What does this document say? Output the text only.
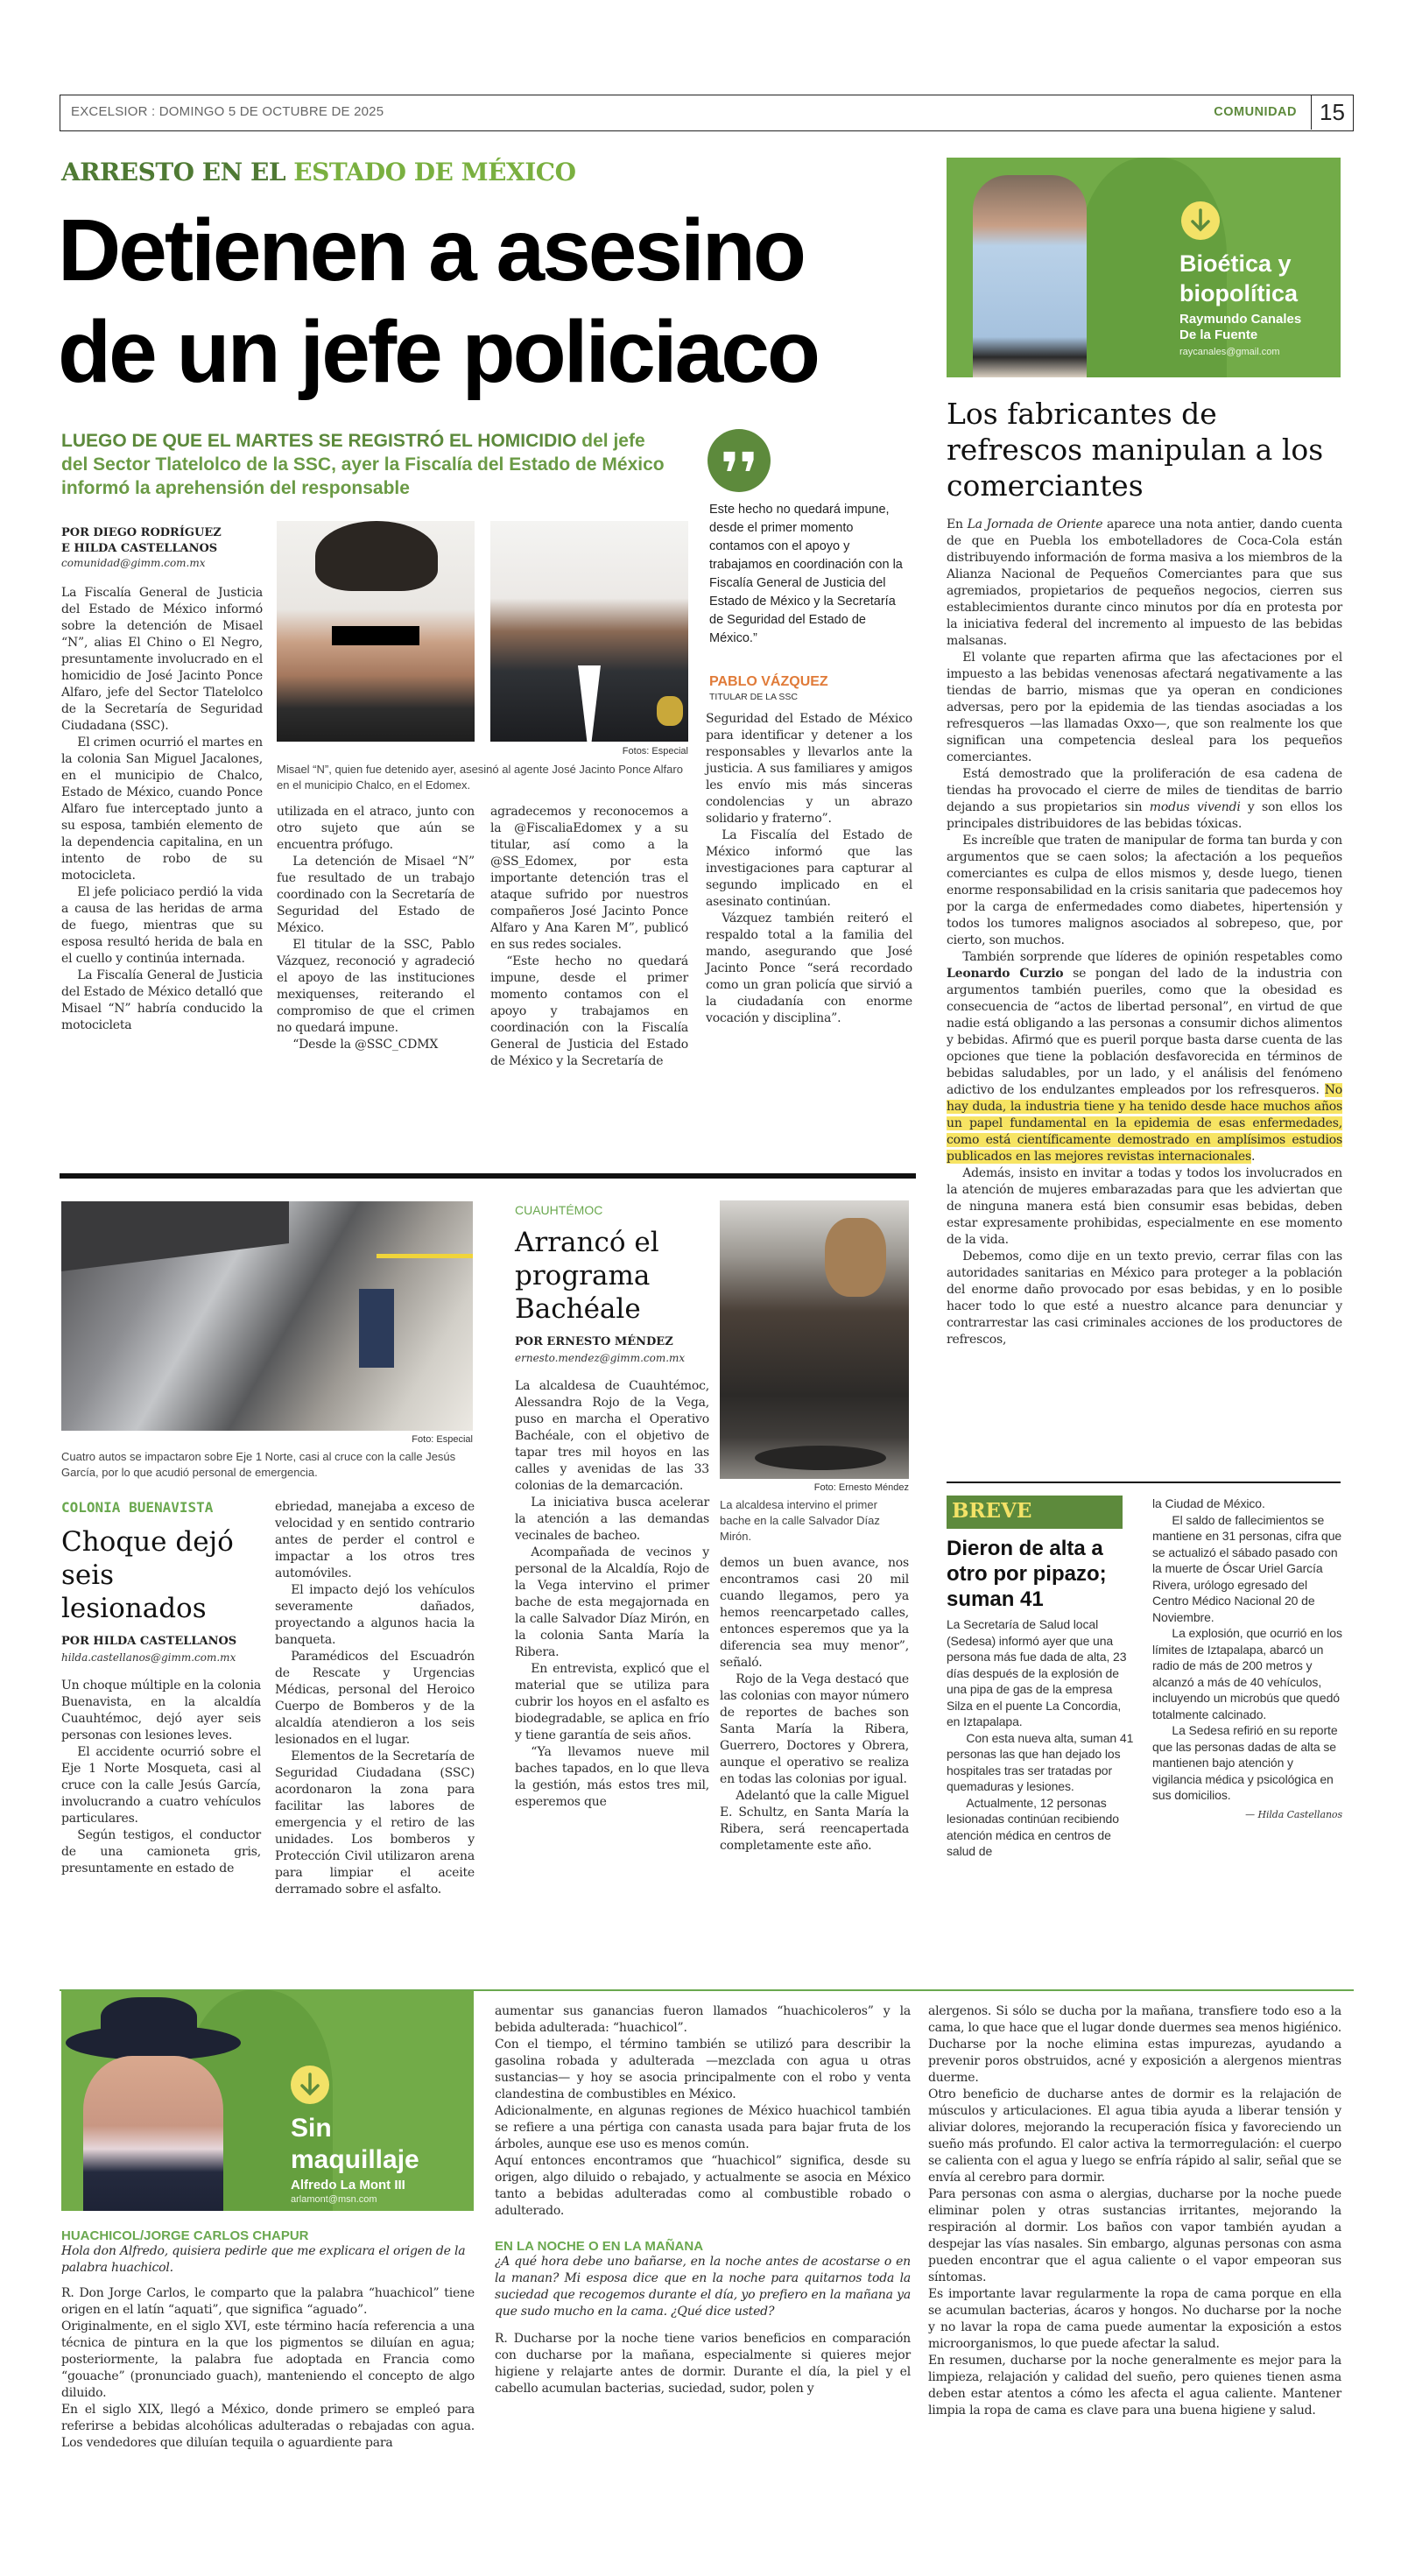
EXCELSIOR : DOMINGO 5 DE OCTUBRE DE 2025	COMUNIDAD	15
ARRESTO EN EL ESTADO DE MÉXICO
Detienen a asesino
de un jefe policiaco
LUEGO DE QUE EL MARTES SE REGISTRÓ EL HOMICIDIO del jefe del Sector Tlatelolco de la SSC, ayer la Fiscalía del Estado de México informó la aprehensión del responsable
POR DIEGO RODRÍGUEZ
E HILDA CASTELLANOS
comunidad@gimm.com.mx

La Fiscalía General de Justicia del Estado de México informó sobre la detención de Misael “N”, alias El Chino o El Negro, presuntamente involucrado en el homicidio de José Jacinto Ponce Alfaro, jefe del Sector Tlatelolco de la Secretaría de Seguridad Ciudadana (SSC).

El crimen ocurrió el martes en la colonia San Miguel Jacalones, en el municipio de Chalco, Estado de México, cuando Ponce Alfaro fue interceptado junto a su esposa, también elemento de la dependencia capitalina, en un intento de robo de su motocicleta.

El jefe policiaco perdió la vida a causa de las heridas de arma de fuego, mientras que su esposa resultó herida de bala en el cuello y continúa internada.

La Fiscalía General de Justicia del Estado de México detalló que Misael “N” habría conducido la motocicleta

Fotos: Especial
Misael “N”, quien fue detenido ayer, asesinó al agente José Jacinto Ponce Alfaro en el municipio Chalco, en el Edomex.

utilizada en el atraco, junto con otro sujeto que aún se encuentra prófugo.

La detención de Misael “N” fue resultado de un trabajo coordinado con la Secretaría de Seguridad del Estado de México.

El titular de la SSC, Pablo Vázquez, reconoció y agradeció el apoyo de las instituciones mexiquenses, reiterando el compromiso de que el crimen no quedará impune.

“Desde la @SSC_CDMX

agradecemos y reconocemos a la @FiscaliaEdomex y a su titular, así como a la @SS_Edomex, por esta importante detención tras el ataque sufrido por nuestros compañeros José Jacinto Ponce Alfaro y Ana Karen M”, publicó en sus redes sociales.

“Este hecho no quedará impune, desde el primer momento contamos con el apoyo y trabajamos en coordinación con la Fiscalía General de Justicia del Estado de México y la Secretaría de

Este hecho no quedará impune, desde el primer momento contamos con el apoyo y trabajamos en coordinación con la Fiscalía General de Justicia del Estado de México y la Secretaría de Seguridad del Estado de México.”
PABLO VÁZQUEZ
TITULAR DE LA SSC

Seguridad del Estado de México para identificar y detener a los responsables y llevarlos ante la justicia. A sus familiares y amigos les envío mis más sinceras condolencias y un abrazo solidario y fraterno”.

La Fiscalía del Estado de México informó que las investigaciones para capturar al segundo implicado en el asesinato continúan.

Vázquez también reiteró el respaldo total a la familia del mando, asegurando que José Jacinto Ponce “será recordado como un gran policía que sirvió a la ciudadanía con enorme vocación y disciplina”.

Bioética y
biopolítica
Raymundo Canales
De la Fuente
raycanales@gmail.com
Los fabricantes de refrescos manipulan a los comerciantes

En La Jornada de Oriente aparece una nota antier, dando cuenta de que en Puebla los embotelladores de Coca-Cola están distribuyendo información de forma masiva a los miembros de la Alianza Nacional de Pequeños Comerciantes para que sus agremiados, propietarios de pequeños negocios, cierren sus establecimientos durante cinco minutos por día en protesta por la iniciativa federal del incremento al impuesto de las bebidas malsanas.

El volante que reparten afirma que las afectaciones por el impuesto a las bebidas venenosas afectará negativamente a las tiendas de barrio, mismas que ya operan en condiciones adversas, pero por la epidemia de las tiendas asociadas a los refresqueros —las llamadas Oxxo—, que son realmente los que significan una competencia desleal para los pequeños comerciantes.

Está demostrado que la proliferación de esa cadena de tiendas ha provocado el cierre de miles de tienditas de barrio dejando a sus propietarios sin modus vivendi y son ellos los principales distribuidores de las bebidas tóxicas.

Es increíble que traten de manipular de forma tan burda y con argumentos que se caen solos; la afectación a los pequeños comerciantes es culpa de ellos mismos y, desde luego, tienen enorme responsabilidad en la crisis sanitaria que padecemos hoy por la carga de enfermedades como diabetes, hipertensión y todos los tumores malignos asociados al sobrepeso, que, por cierto, son muchos.

También sorprende que líderes de opinión respetables como Leonardo Curzio se pongan del lado de la industria con argumentos también pueriles, como que la obesidad es consecuencia de “actos de libertad personal”, en virtud de que nadie está obligando a las personas a consumir dichos alimentos y bebidas. Afirmó que es pueril porque basta darse cuenta de las opciones que tiene la población desfavorecida en términos de bebidas saludables, por un lado, y el análisis del fenómeno adictivo de los endulzantes empleados por los refresqueros. No hay duda, la industria tiene y ha tenido desde hace muchos años un papel fundamental en la epidemia de esas enfermedades, como está científicamente demostrado en amplísimos estudios publicados en las mejores revistas internacionales.

Además, insisto en invitar a todas y todos los involucrados en la atención de mujeres embarazadas para que les adviertan que de ninguna manera está bien consumir esas bebidas, deben estar expresamente prohibidas, especialmente en ese momento de la vida.

Debemos, como dije en un texto previo, cerrar filas con las autoridades sanitarias en México para proteger a la población del enorme daño provocado por esas bebidas, y en lo posible hacer todo lo que esté a nuestro alcance para denunciar y contrarrestar las casi criminales acciones de los productores de refrescos,

Foto: Especial
Cuatro autos se impactaron sobre Eje 1 Norte, casi al cruce con la calle Jesús García, por lo que acudió personal de emergencia.
COLONIA BUENAVISTA
Choque dejó seis lesionados
POR HILDA CASTELLANOS
hilda.castellanos@gimm.com.mx

Un choque múltiple en la colonia Buenavista, en la alcaldía Cuauhtémoc, dejó ayer seis personas con lesiones leves.

El accidente ocurrió sobre el Eje 1 Norte Mosqueta, casi al cruce con la calle Jesús García, involucrando a cuatro vehículos particulares.

Según testigos, el conductor de una camioneta gris, presuntamente en estado de

ebriedad, manejaba a exceso de velocidad y en sentido contrario antes de perder el control e impactar a los otros tres automóviles.

El impacto dejó los vehículos severamente dañados, proyectando a algunos hacia la banqueta.

Paramédicos del Escuadrón de Rescate y Urgencias Médicas, personal del Heroico Cuerpo de Bomberos y de la alcaldía atendieron a los seis lesionados en el lugar.

Elementos de la Secretaría de Seguridad Ciudadana (SSC) acordonaron la zona para facilitar las labores de emergencia y el retiro de las unidades. Los bomberos y Protección Civil utilizaron arena para limpiar el aceite derramado sobre el asfalto.

CUAUHTÉMOC
Arrancó el programa Bachéale
POR ERNESTO MÉNDEZ
ernesto.mendez@gimm.com.mx
Foto: Ernesto Méndez
La alcaldesa intervino el primer bache en la calle Salvador Díaz Mirón.

La alcaldesa de Cuauhtémoc, Alessandra Rojo de la Vega, puso en marcha el Operativo Bachéale, con el objetivo de tapar tres mil hoyos en las calles y avenidas de las 33 colonias de la demarcación.

La iniciativa busca acelerar la atención a las demandas vecinales de bacheo.

Acompañada de vecinos y personal de la Alcaldía, Rojo de la Vega intervino el primer bache de esta megajornada en la calle Salvador Díaz Mirón, en la colonia Santa María la Ribera.

En entrevista, explicó que el material que se utiliza para cubrir los hoyos en el asfalto es biodegradable, se aplica en frío y tiene garantía de seis años.

“Ya llevamos nueve mil baches tapados, en lo que lleva la gestión, más estos tres mil, esperemos que

demos un buen avance, nos encontramos casi 20 mil cuando llegamos, pero ya hemos reencarpetado calles, entonces esperemos que ya la diferencia sea muy menor”, señaló.

Rojo de la Vega destacó que las colonias con mayor número de reportes de baches son Santa María la Ribera, Guerrero, Doctores y Obrera, aunque el operativo se realiza en todas las colonias por igual.

Adelantó que la calle Miguel E. Schultz, en Santa María la Ribera, será reencapertada completamente este año.

BREVE
Dieron de alta a otro por pipazo; suman 41

La Secretaría de Salud local (Sedesa) informó ayer que una persona más fue dada de alta, 23 días después de la explosión de una pipa de gas de la empresa Silza en el puente La Concordia, en Iztapalapa.

Con esta nueva alta, suman 41 personas las que han dejado los hospitales tras ser tratadas por quemaduras y lesiones.

Actualmente, 12 personas lesionadas continúan recibiendo atención médica en centros de salud de

la Ciudad de México.

El saldo de fallecimientos se mantiene en 31 personas, cifra que se actualizó el sábado pasado con la muerte de Óscar Uriel García Rivera, urólogo egresado del Centro Médico Nacional 20 de Noviembre.

La explosión, que ocurrió en los límites de Iztapalapa, abarcó un radio de más de 200 metros y alcanzó a más de 40 vehículos, incluyendo un microbús que quedó totalmente calcinado.

La Sedesa refirió en su reporte que las personas dadas de alta se mantienen bajo atención y vigilancia médica y psicológica en sus domicilios.

— Hilda Castellanos
Sin
maquillaje
Alfredo La Mont III
arlamont@msn.com
HUACHICOL/JORGE CARLOS CHAPUR
Hola don Alfredo, quisiera pedirle que me explicara el origen de la palabra huachicol.

R. Don Jorge Carlos, le comparto que la palabra “huachicol” tiene origen en el latín “aquati”, que significa “aguado”.

Originalmente, en el siglo XVI, este término hacía referencia a una técnica de pintura en la que los pigmentos se diluían en agua; posteriormente, la palabra fue adoptada en Francia como “gouache” (pronunciado guach), manteniendo el concepto de algo diluido.

En el siglo XIX, llegó a México, donde primero se empleó para referirse a bebidas alcohólicas adulteradas o rebajadas con agua. Los vendedores que diluían tequila o aguardiente para

aumentar sus ganancias fueron llamados “huachicoleros” y la bebida adulterada: “huachicol”.

Con el tiempo, el término también se utilizó para describir la gasolina robada y adulterada —mezclada con agua u otras sustancias— y hoy se asocia principalmente con el robo y venta clandestina de combustibles en México.

Adicionalmente, en algunas regiones de México huachicol también se refiere a una pértiga con canasta usada para bajar fruta de los árboles, aunque ese uso es menos común.

Aquí entonces encontramos que “huachicol” significa, desde su origen, algo diluido o rebajado, y actualmente se asocia en México tanto a bebidas adulteradas como al combustible robado o adulterado.

EN LA NOCHE O EN LA MAÑANA
¿A qué hora debe uno bañarse, en la noche antes de acostarse o en la manan? Mi esposa dice que en la noche para quitarnos toda la suciedad que recogemos durante el día, yo prefiero en la mañana ya que sudo mucho en la cama. ¿Qué dice usted?

R. Ducharse por la noche tiene varios beneficios en comparación con ducharse por la mañana, especialmente si quieres mejor higiene y relajarte antes de dormir. Durante el día, la piel y el cabello acumulan bacterias, suciedad, sudor, polen y

alergenos. Si sólo se ducha por la mañana, transfiere todo eso a la cama, lo que hace que el lugar donde duermes sea menos higiénico. Ducharse por la noche elimina estas impurezas, ayudando a prevenir poros obstruidos, acné y exposición a alergenos mientras duerme.

Otro beneficio de ducharse antes de dormir es la relajación de músculos y articulaciones. El agua tibia ayuda a liberar tensión y aliviar dolores, mejorando la recuperación física y favoreciendo un sueño más profundo. El calor activa la termorregulación: el cuerpo se calienta con el agua y luego se enfría rápido al salir, señal que se envía al cerebro para dormir.

Para personas con asma o alergias, ducharse por la noche puede eliminar polen y otras sustancias irritantes, mejorando la respiración al dormir. Los baños con vapor también ayudan a despejar las vías nasales. Sin embargo, algunas personas con asma pueden encontrar que el agua caliente o el vapor empeoran sus síntomas.

Es importante lavar regularmente la ropa de cama porque en ella se acumulan bacterias, ácaros y hongos. No ducharse por la noche y no lavar la ropa de cama puede aumentar la exposición a estos microorganismos, lo que puede afectar la salud.

En resumen, ducharse por la noche generalmente es mejor para la limpieza, relajación y calidad del sueño, pero quienes tienen asma deben estar atentos a cómo les afecta el agua caliente. Mantener limpia la ropa de cama es clave para una buena higiene y salud.
